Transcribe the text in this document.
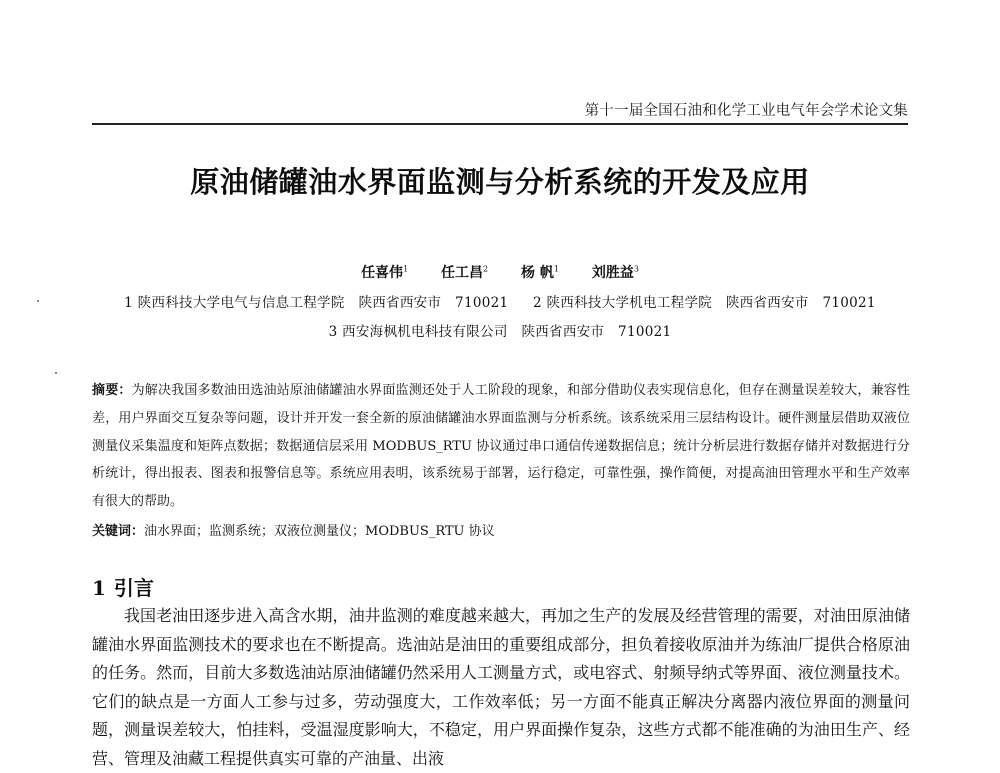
第十一届全国石油和化学工业电气年会学术论文集
原油储罐油水界面监测与分析系统的开发及应用
任喜伟$^1$ 任工昌$^2$ 杨 帆$^1$ 刘胜益$^3$
1 陕西科技大学电气与信息工程学院　陕西省西安市　710021 2 陕西科技大学机电工程学院　陕西省西安市　710021
3 西安海枫机电科技有限公司　陕西省西安市　710021
摘要：为解决我国多数油田选油站原油储罐油水界面监测还处于人工阶段的现象，和部分借助仪表实现信息化，但存在测量误差较大，兼容性差，用户界面交互复杂等问题，设计并开发一套全新的原油储罐油水界面监测与分析系统。该系统采用三层结构设计。硬件测量层借助双液位测量仪采集温度和矩阵点数据；数据通信层采用 MODBUS_RTU 协议通过串口通信传递数据信息；统计分析层进行数据存储并对数据进行分析统计，得出报表、图表和报警信息等。系统应用表明，该系统易于部署，运行稳定，可靠性强，操作简便，对提高油田管理水平和生产效率有很大的帮助。
关键词：油水界面；监测系统；双液位测量仪；MODBUS_RTU 协议
1 引言
我国老油田逐步进入高含水期，油井监测的难度越来越大，再加之生产的发展及经营管理的需要，对油田原油储罐油水界面监测技术的要求也在不断提高。选油站是油田的重要组成部分，担负着接收原油并为练油厂提供合格原油的任务。然而，目前大多数选油站原油储罐仍然采用人工测量方式，或电容式、射频导纳式等界面、液位测量技术。它们的缺点是一方面人工参与过多，劳动强度大，工作效率低；另一方面不能真正解决分离器内液位界面的测量问题，测量误差较大，怕挂料，受温湿度影响大，不稳定，用户界面操作复杂，这些方式都不能准确的为油田生产、经营、管理及油藏工程提供真实可靠的产油量、出液
